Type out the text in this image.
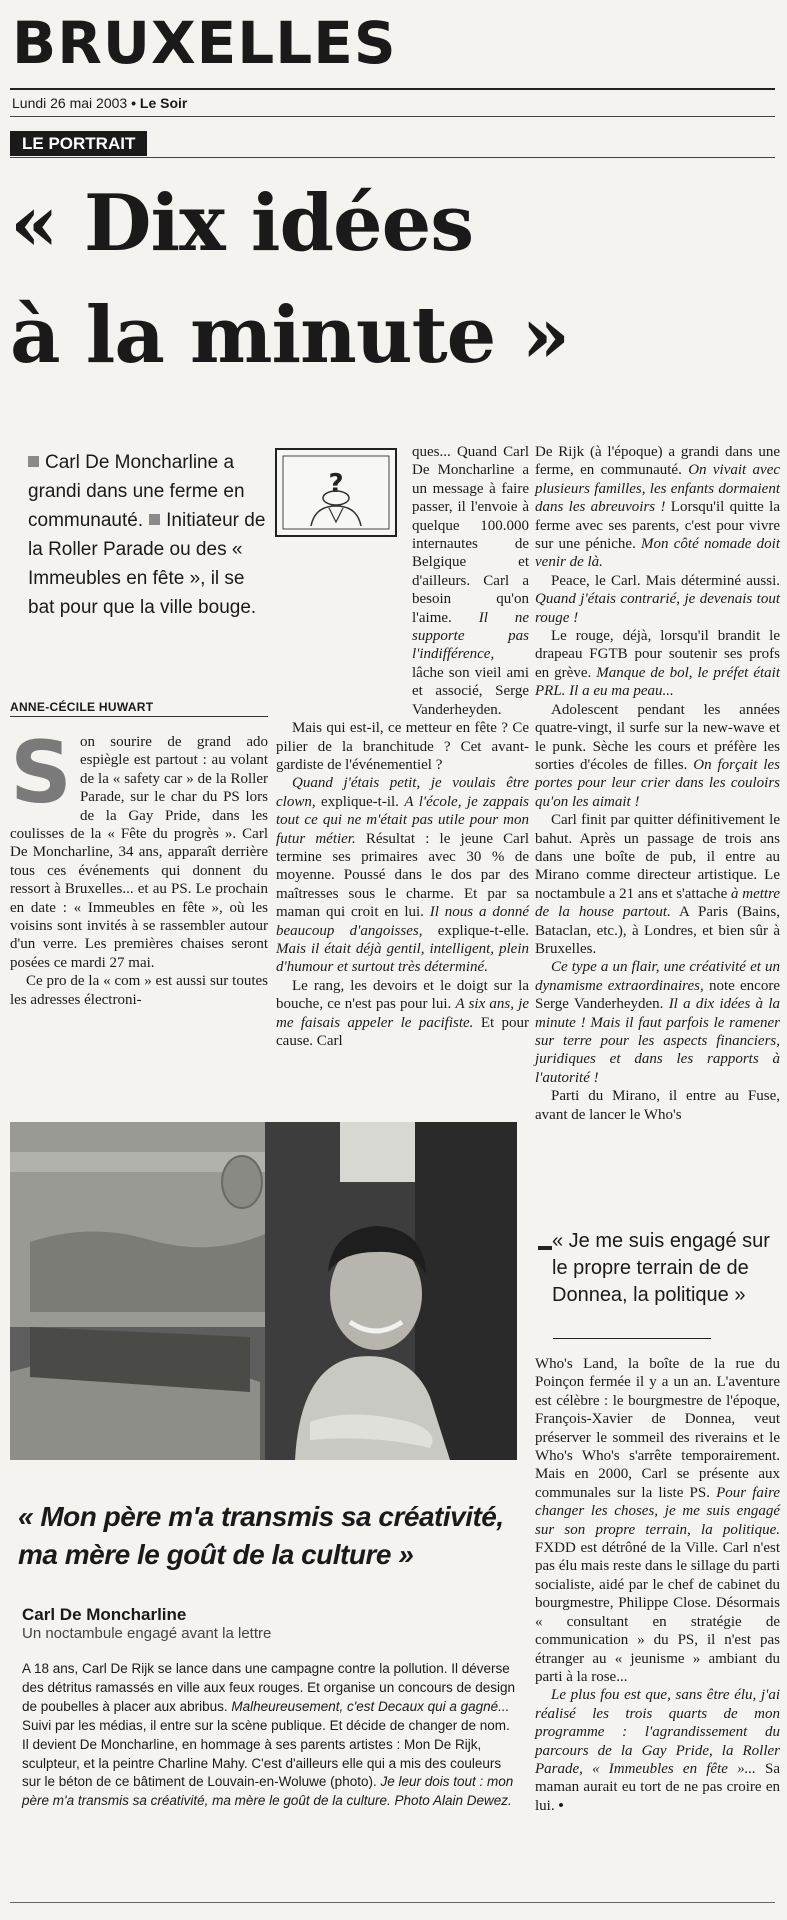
BRUXELLES
Lundi 26 mai 2003 • Le Soir
LE PORTRAIT
« Dix idées
à la minute »
Carl De Moncharline a grandi dans une ferme en communauté. Initiateur de la Roller Parade ou des « Immeubles en fête », il se bat pour que la ville bouge.
ANNE-CÉCILE HUWART
S on sourire de grand ado espiègle est partout : au volant de la « safety car » de la Roller Parade, sur le char du PS lors de la Gay Pride, dans les coulisses de la « Fête du progrès ». Carl De Moncharline, 34 ans, apparaît derrière tous ces événements qui donnent du ressort à Bruxelles... et au PS. Le prochain en date : « Immeubles en fête », où les voisins sont invités à se rassembler autour d'un verre. Les premières chaises seront posées ce mardi 27 mai.

Ce pro de la « com » est aussi sur toutes les adresses électroni-

?

ques... Quand Carl De Moncharline a un message à faire passer, il l'envoie à quelque 100.000 internautes de Belgique et d'ailleurs. Carl a besoin qu'on l'aime. Il ne supporte pas l'indifférence, lâche son vieil ami et associé, Serge Vanderheyden.

Mais qui est-il, ce metteur en fête ? Ce pilier de la branchitude ? Cet avant-gardiste de l'événementiel ?

Quand j'étais petit, je voulais être clown, explique-t-il. A l'école, je zappais tout ce qui ne m'était pas utile pour mon futur métier. Résultat : le jeune Carl termine ses primaires avec 30 % de moyenne. Poussé dans le dos par des maîtresses sous le charme. Et par sa maman qui croit en lui. Il nous a donné beaucoup d'angoisses, explique-t-elle. Mais il était déjà gentil, intelligent, plein d'humour et surtout très déterminé.

Le rang, les devoirs et le doigt sur la bouche, ce n'est pas pour lui. A six ans, je me faisais appeler le pacifiste. Et pour cause. Carl

De Rijk (à l'époque) a grandi dans une ferme, en communauté. On vivait avec plusieurs familles, les enfants dormaient dans les abreuvoirs ! Lorsqu'il quitte la ferme avec ses parents, c'est pour vivre sur une péniche. Mon côté nomade doit venir de là.

Peace, le Carl. Mais déterminé aussi. Quand j'étais contrarié, je devenais tout rouge !

Le rouge, déjà, lorsqu'il brandit le drapeau FGTB pour soutenir ses profs en grève. Manque de bol, le préfet était PRL. Il a eu ma peau...

Adolescent pendant les années quatre-vingt, il surfe sur la new-wave et le punk. Sèche les cours et préfère les sorties d'écoles de filles. On forçait les portes pour leur crier dans les couloirs qu'on les aimait !

Carl finit par quitter définitivement le bahut. Après un passage de trois ans dans une boîte de pub, il entre au Mirano comme directeur artistique. Le noctambule a 21 ans et s'attache à mettre de la house partout. A Paris (Bains, Bataclan, etc.), à Londres, et bien sûr à Bruxelles.

Ce type a un flair, une créativité et un dynamisme extraordinaires, note encore Serge Vanderheyden. Il a dix idées à la minute ! Mais il faut parfois le ramener sur terre pour les aspects financiers, juridiques et dans les rapports à l'autorité !

Parti du Mirano, il entre au Fuse, avant de lancer le Who's

« Mon père m'a transmis sa créativité, ma mère le goût de la culture »
Carl De Moncharline
Un noctambule engagé avant la lettre
A 18 ans, Carl De Rijk se lance dans une campagne contre la pollution. Il déverse des détritus ramassés en ville aux feux rouges. Et organise un concours de design de poubelles à placer aux abribus. Malheureusement, c'est Decaux qui a gagné... Suivi par les médias, il entre sur la scène publique. Et décide de changer de nom. Il devient De Moncharline, en hommage à ses parents artistes : Mon De Rijk, sculpteur, et la peintre Charline Mahy. C'est d'ailleurs elle qui a mis des couleurs sur le béton de ce bâtiment de Louvain-en-Woluwe (photo). Je leur dois tout : mon père m'a transmis sa créativité, ma mère le goût de la culture. Photo Alain Dewez.
« Je me suis engagé sur le propre terrain de de Donnea, la politique »

Who's Land, la boîte de la rue du Poinçon fermée il y a un an. L'aventure est célèbre : le bourgmestre de l'époque, François-Xavier de Donnea, veut préserver le sommeil des riverains et le Who's Who's s'arrête temporairement. Mais en 2000, Carl se présente aux communales sur la liste PS. Pour faire changer les choses, je me suis engagé sur son propre terrain, la politique. FXDD est détrôné de la Ville. Carl n'est pas élu mais reste dans le sillage du parti socialiste, aidé par le chef de cabinet du bourgmestre, Philippe Close. Désormais « consultant en stratégie de communication » du PS, il n'est pas étranger au « jeunisme » ambiant du parti à la rose...

Le plus fou est que, sans être élu, j'ai réalisé les trois quarts de mon programme : l'agrandissement du parcours de la Gay Pride, la Roller Parade, « Immeubles en fête »... Sa maman aurait eu tort de ne pas croire en lui. •
